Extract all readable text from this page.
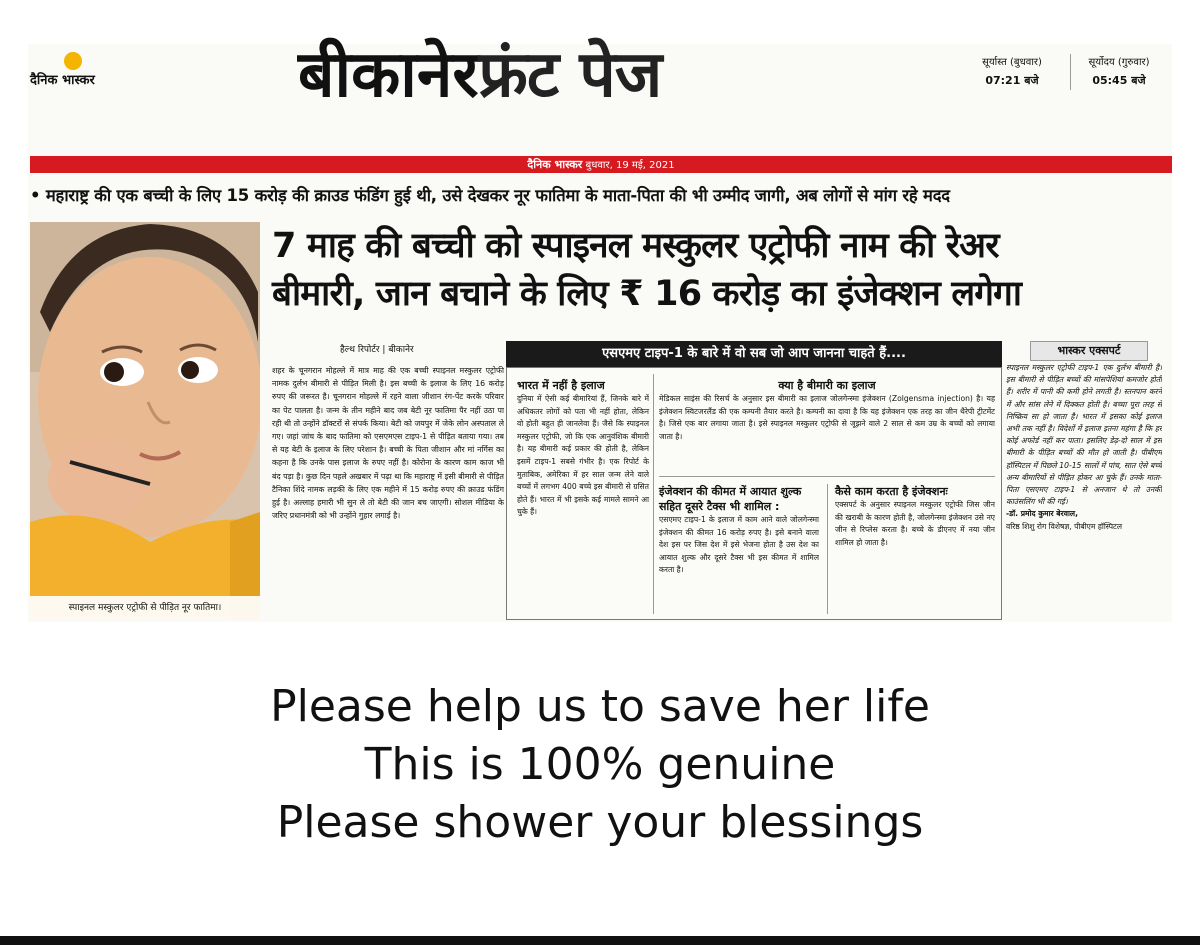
दैनिक भास्कर	बीकानेरफ्रंट पेज	सूर्यास्त (बुधवार)
07:21 बजे
सूर्योदय (गुरुवार)
05:45 बजे
दैनिक भास्कर बुधवार, 19 मई, 2021
• महाराष्ट्र की एक बच्ची के लिए 15 करोड़ की क्राउड फंडिंग हुई थी, उसे देखकर नूर फातिमा के माता-पिता की भी उम्मीद जागी, अब लोगों से मांग रहे मदद
स्पाइनल मस्कुलर एट्रोफी से पीड़ित नूर फातिमा।
7 माह की बच्ची को स्पाइनल मस्कुलर एट्रोफी नाम की रेअर
बीमारी, जान बचाने के लिए ₹ 16 करोड़ का इंजेक्शन लगेगा
हैल्थ रिपोर्टर | बीकानेर
शहर के चूनगरान मोहल्ले में मात्र माह की एक बच्ची स्पाइनल मस्कुलर एट्रोफी नामक दुर्लभ बीमारी से पीड़ित मिली है। इस बच्ची के इलाज के लिए 16 करोड़ रुपए की जरूरत है। चूनगरान मोहल्ले में रहने वाला जीशान रंग-पेंट करके परिवार का पेट पालता है। जन्म के तीन महीने बाद जब बेटी नूर फातिमा पैर नहीं उठा पा रही थी तो उन्होंने डॉक्टरों से संपर्क किया। बेटी को जयपुर में जेके लोन अस्पताल ले गए। जहां जांच के बाद फातिमा को एसएमएस टाइप-1 से पीड़ित बताया गया। तब से यह बेटी के इलाज के लिए परेशान है। बच्ची के पिता जीशान और मां नर्गिस का कहना है कि उनके पास इलाज के रुपए नहीं है। कोरोना के कारण काम काज भी बंद पड़ा है। कुछ दिन पहले अखबार में पढ़ा था कि महाराष्ट्र में इसी बीमारी से पीड़ित टैनिका शिंदे नामक लड़की के लिए एक महीने में 15 करोड़ रुपए की क्राउड फंडिंग हुई है। अल्लाह हमारी भी सुन ले तो बेटी की जान बच जाएगी। सोशल मीडिया के जरिए प्रधानमंत्री को भी उन्होंने गुहार लगाई है।
एसएमए टाइप-1 के बारे में वो सब जो आप जानना चाहते हैं....
भारत में नहीं है इलाज
दुनिया में ऐसी कई बीमारियां हैं, जिनके बारे में अधिकतर लोगों को पता भी नहीं होता, लेकिन वो होती बहुत ही जानलेवा हैं। जैसे कि स्पाइनल मस्कुलर एट्रोफी, जो कि एक आनुवंशिक बीमारी है। यह बीमारी कई प्रकार की होती है, लेकिन इसमें टाइप-1 सबसे गंभीर है। एक रिपोर्ट के मुताबिक, अमेरिका में हर साल जन्म लेने वाले बच्चों में लगभग 400 बच्चे इस बीमारी से ग्रसित होते हैं। भारत में भी इसके कई मामले सामने आ चुके हैं।
क्या है बीमारी का इलाज
मेडिकल साइंस की रिसर्च के अनुसार इस बीमारी का इलाज जोलगेन्स्मा इंजेक्शन (Zolgensma injection) है। यह इंजेक्शन स्विटजरलैंड की एक कम्पनी तैयार करते है। कम्पनी का दावा है कि यह इंजेक्शन एक तरह का जीन थैरेपी ट्रीटमेंट है। जिसे एक बार लगाया जाता है। इसे स्पाइनल मस्कुलर एट्रोफी से जूझने वाले 2 साल से कम उम्र के बच्चों को लगाया जाता है।
इंजेक्शन की कीमत में आयात शुल्क सहित दूसरे टैक्स भी शामिल :
एसएमए टाइप-1 के इलाज में काम आने वाले जोलगेन्स्मा इंजेक्शन की कीमत 16 करोड़ रुपए है। इसे बनाने वाला देश इस पर जिस देश में इसे भेजना होता है उस देश का आयात शुल्क और दूसरे टैक्स भी इस कीमत में शामिल करता है।
कैसे काम करता है इंजेक्शनः
एक्सपर्ट के अनुसार स्पाइनल मस्कुलर एट्रोफी जिस जीन की खराबी के कारण होती है, जोलगेन्स्मा इंजेक्शन उसे नए जीन से रिप्लेस करता है। बच्चे के डीएनए में नया जीन शामिल हो जाता है।
भास्कर एक्सपर्ट
स्पाइनल मस्कुलर एट्रोफी टाइप-1 एक दुर्लभ बीमारी है। इस बीमारी से पीड़ित बच्चों की मांसपेशियां कमजोर होती हैं। शरीर में पानी की कमी होने लगती है। स्तनपान करने में और सांस लेने में दिक्कत होती है। बच्चा पूरा तरह से निष्क्रिय सा हो जाता है। भारत में इसका कोई इलाज अभी तक नहीं है। विदेशों में इलाज इतना महंगा है कि हर कोई अफोर्ड नहीं कर पाता। इसलिए डेढ़-दो साल में इस बीमारी के पीड़ित बच्चों की मौत हो जाती है। पीबीएम हॉस्पिटल में पिछले 10-15 सालों में पांच, सात ऐसे बच्चे अन्य बीमारियों से पीड़ित होकर आ चुके हैं। उनके माता-पिता एसएमए टाइप-1 से अनजान थे तो उनकी काउंसलिंग भी की गई।
-डॉ. प्रमोद कुमार बेरवाल,
वरिष्ठ शिशु रोग विशेषज्ञ, पीबीएम हॉस्पिटल
Please help us to save her life
This is 100% genuine
Please shower your blessings
